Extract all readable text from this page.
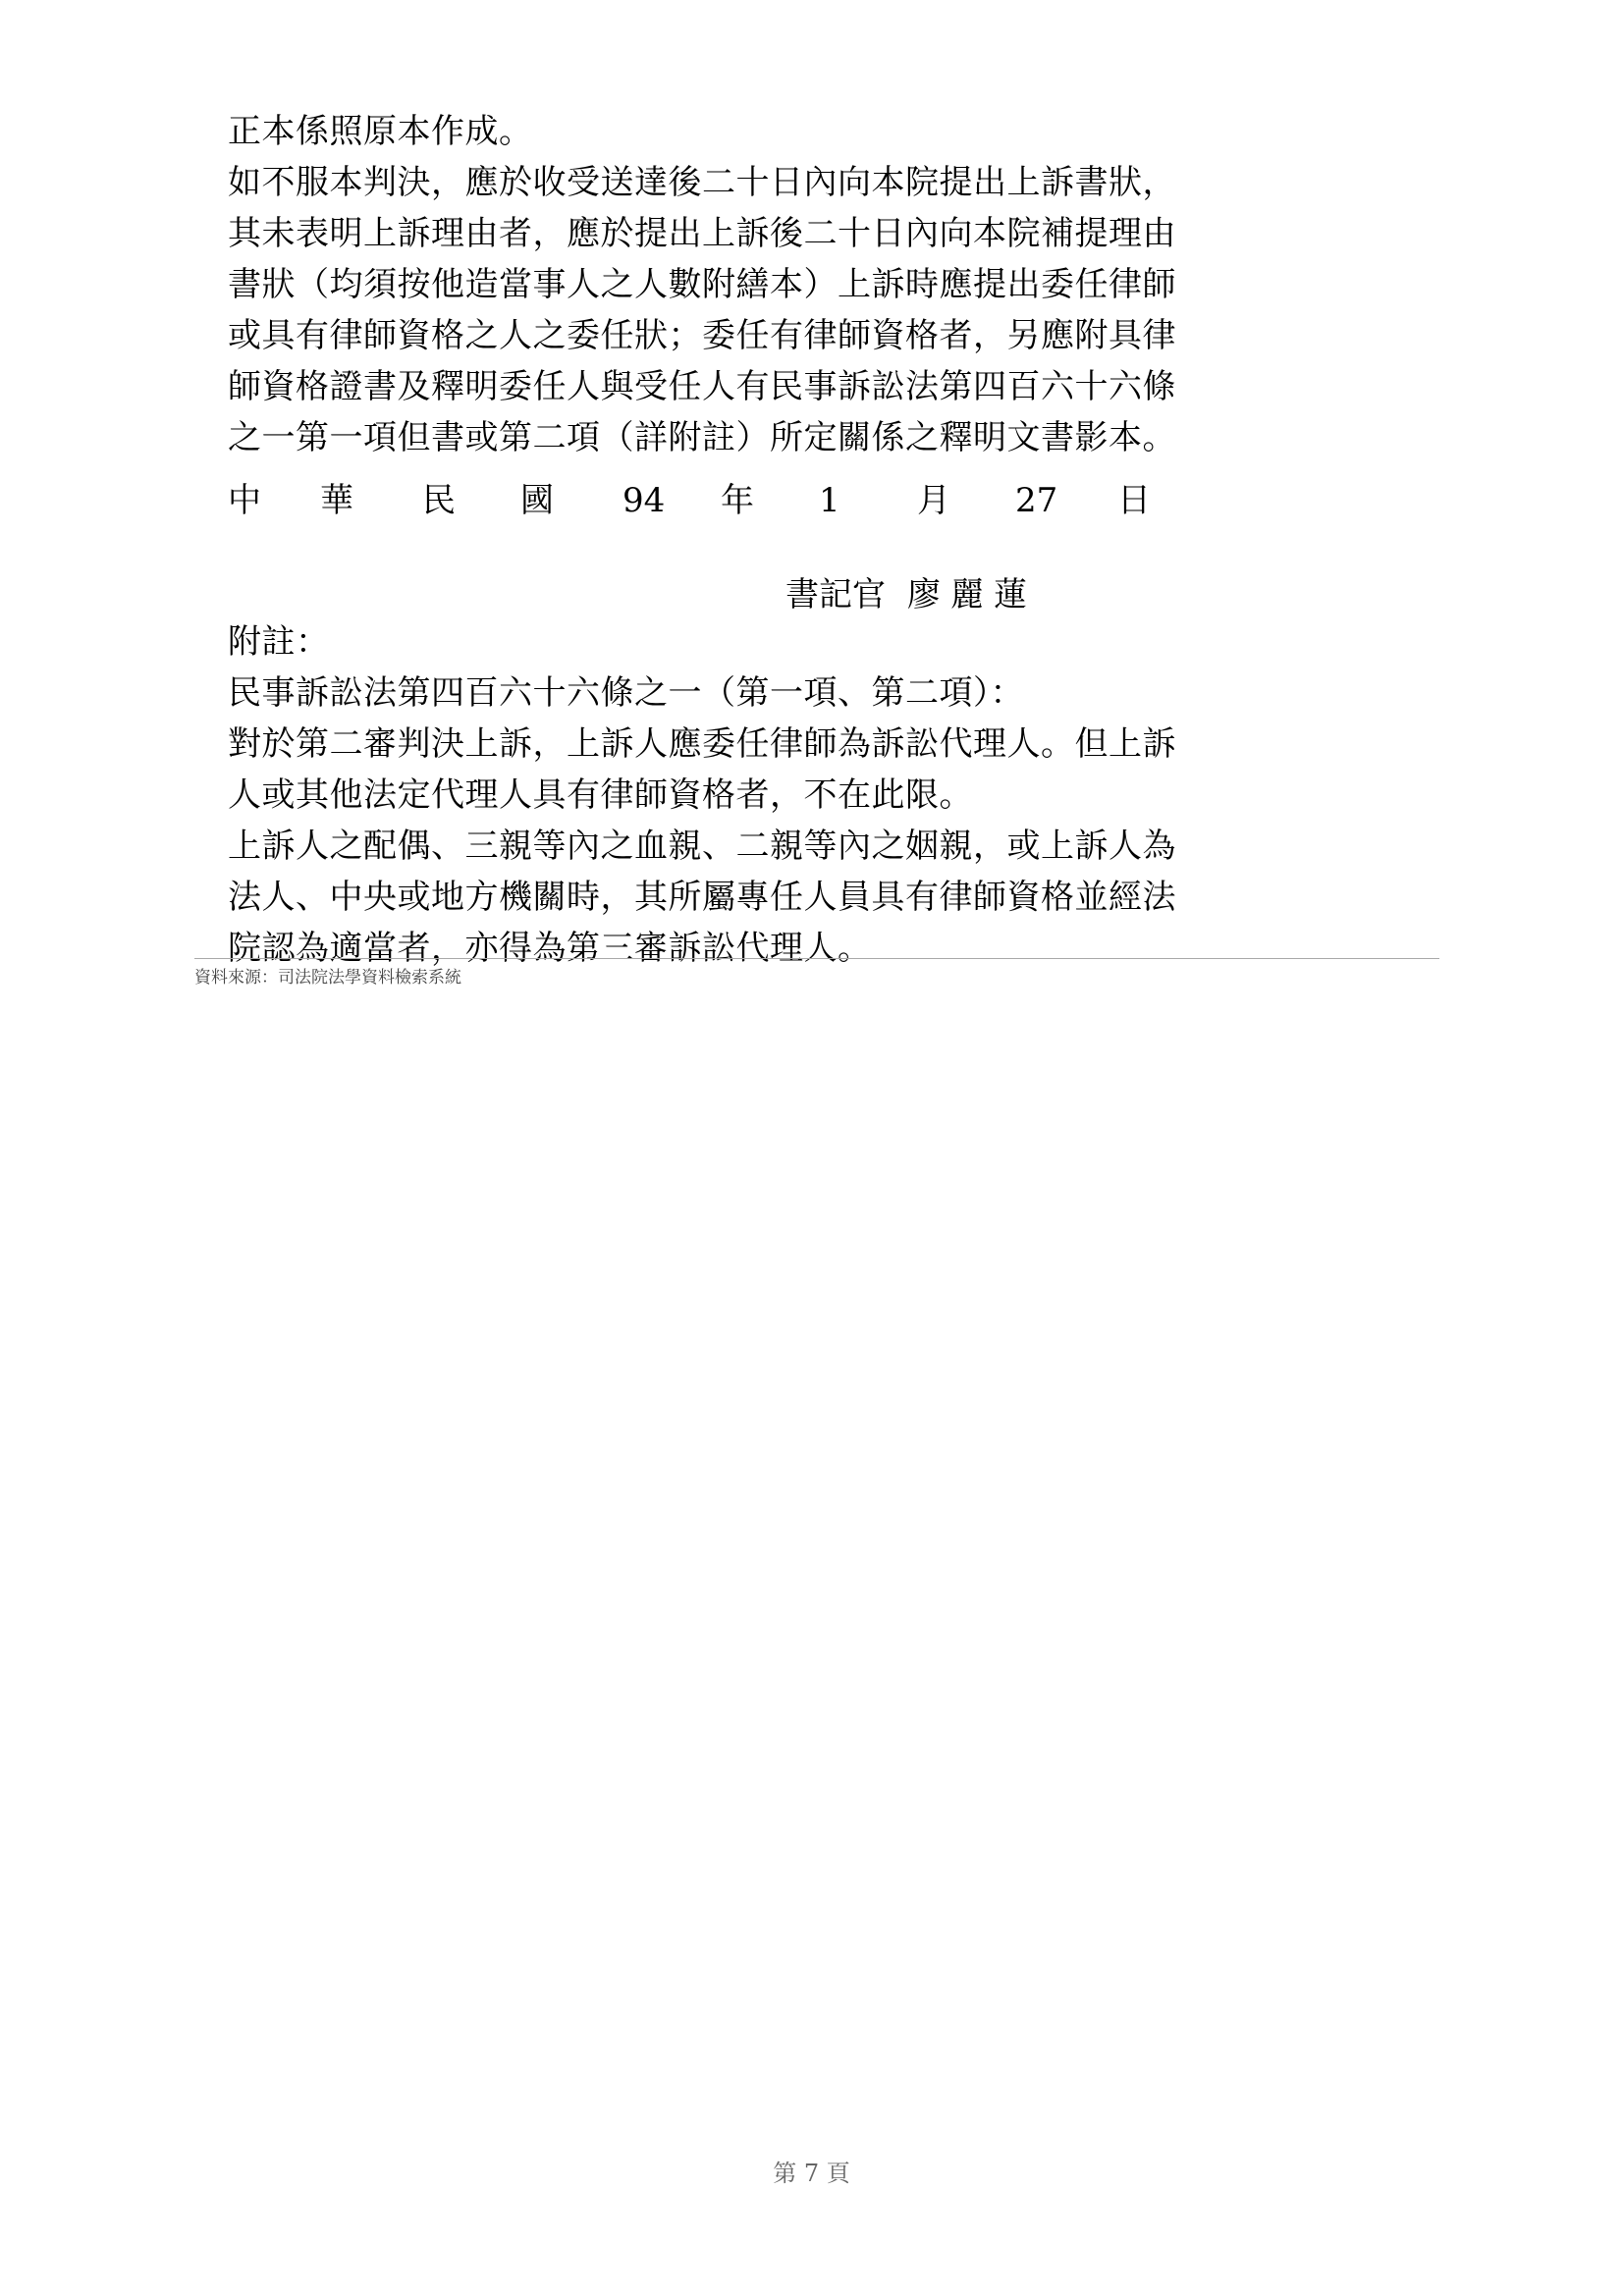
正本係照原本作成。
如不服本判決，應於收受送達後二十日內向本院提出上訴書狀，
其未表明上訴理由者，應於提出上訴後二十日內向本院補提理由
書狀（均須按他造當事人之人數附繕本）上訴時應提出委任律師
或具有律師資格之人之委任狀；委任有律師資格者，另應附具律
師資格證書及釋明委任人與受任人有民事訴訟法第四百六十六條
之一第一項但書或第二項（詳附註）所定關係之釋明文書影本。
中 華 民 國 94 年 1 月 27 日
書記官 廖麗蓮
附註：
民事訴訟法第四百六十六條之一（第一項、第二項）：
對於第二審判決上訴，上訴人應委任律師為訴訟代理人。但上訴
人或其他法定代理人具有律師資格者，不在此限。
上訴人之配偶、三親等內之血親、二親等內之姻親，或上訴人為
法人、中央或地方機關時，其所屬專任人員具有律師資格並經法
院認為適當者，亦得為第三審訴訟代理人。
資料來源：司法院法學資料檢索系統
第 7 頁
